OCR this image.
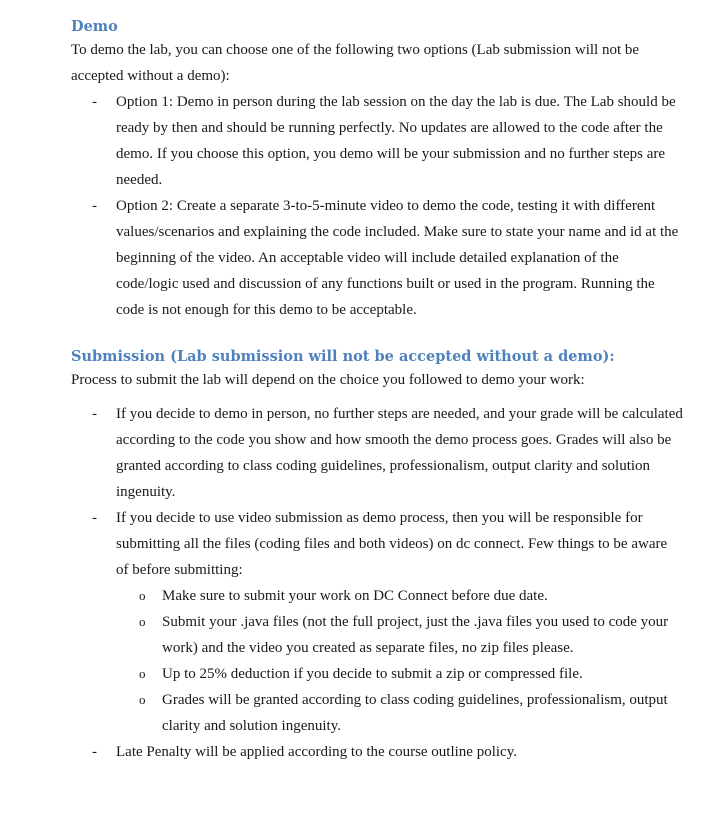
Demo

To demo the lab, you can choose one of the following two options (Lab submission will not be accepted without a demo):

- Option 1: Demo in person during the lab session on the day the lab is due. The Lab should be ready by then and should be running perfectly. No updates are allowed to the code after the demo. If you choose this option, you demo will be your submission and no further steps are needed.
- Option 2: Create a separate 3-to-5-minute video to demo the code, testing it with different values/scenarios and explaining the code included. Make sure to state your name and id at the beginning of the video. An acceptable video will include detailed explanation of the code/logic used and discussion of any functions built or used in the program. Running the code is not enough for this demo to be acceptable.
Submission (Lab submission will not be accepted without a demo):

Process to submit the lab will depend on the choice you followed to demo your work:

- If you decide to demo in person, no further steps are needed, and your grade will be calculated according to the code you show and how smooth the demo process goes. Grades will also be granted according to class coding guidelines, professionalism, output clarity and solution ingenuity.
- If you decide to use video submission as demo process, then you will be responsible for submitting all the files (coding files and both videos) on dc connect. Few things to be aware of before submitting:
o Make sure to submit your work on DC Connect before due date.
o Submit your .java files (not the full project, just the .java files you used to code your work) and the video you created as separate files, no zip files please.
o Up to 25% deduction if you decide to submit a zip or compressed file.
o Grades will be granted according to class coding guidelines, professionalism, output clarity and solution ingenuity.
- Late Penalty will be applied according to the course outline policy.
